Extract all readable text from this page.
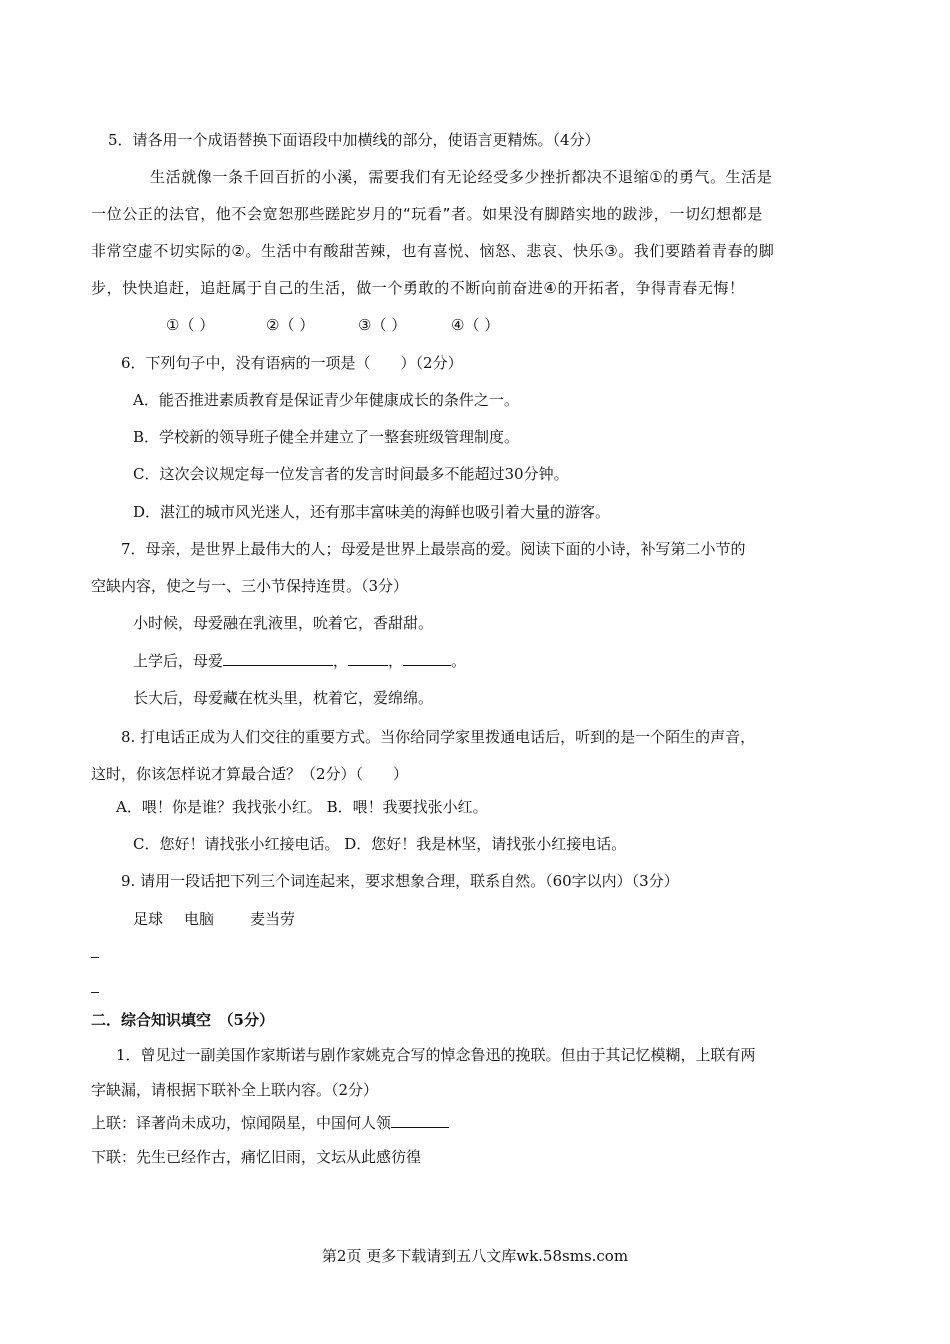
5．请各用一个成语替换下面语段中加横线的部分，使语言更精炼。（4分）
生活就像一条千回百折的小溪，需要我们有无论经受多少挫折都决不退缩①的勇气。生活是
一位公正的法官，他不会宽恕那些蹉跎岁月的“玩看”者。如果没有脚踏实地的跋涉，一切幻想都是
非常空虚不切实际的②。生活中有酸甜苦辣，也有喜悦、恼怒、悲哀、快乐③。我们要踏着青春的脚
步，快快追赶，追赶属于自己的生活，做一个勇敢的不断向前奋进④的开拓者，争得青春无悔！
①（ ）	②（ ）	③（ ）	④（ ）
6．下列句子中，没有语病的一项是（　　）（2分）
A．能否推进素质教育是保证青少年健康成长的条件之一。
B．学校新的领导班子健全并建立了一整套班级管理制度。
C．这次会议规定每一位发言者的发言时间最多不能超过30分钟。
D．湛江的城市风光迷人，还有那丰富味美的海鲜也吸引着大量的游客。
7．母亲，是世界上最伟大的人；母爱是世界上最崇高的爱。阅读下面的小诗，补写第二小节的
空缺内容，使之与一、三小节保持连贯。（3分）
小时候，母爱融在乳液里，吮着它，香甜甜。
上学后，母爱	，	，	。
长大后，母爱藏在枕头里，枕着它，爱绵绵。
8. 打电话正成为人们交往的重要方式。当你给同学家里拨通电话后，听到的是一个陌生的声音，
这时，你该怎样说才算最合适？（2分）（　　）
A．喂！你是谁？我找张小红。 B．喂！我要找张小红。
C．您好！请找张小红接电话。 D．您好！我是林坚，请找张小红接电话。
9. 请用一段话把下列三个词连起来，要求想象合理，联系自然。（60字以内）（3分）
足球 电脑 麦当劳
二．综合知识填空　（5分）
1．曾见过一副美国作家斯诺与剧作家姚克合写的悼念鲁迅的挽联。但由于其记忆模糊，上联有两
字缺漏，请根据下联补全上联内容。（2分）
上联：译著尚未成功，惊闻陨星，中国何人领
下联：先生已经作古，痛忆旧雨，文坛从此感彷徨
第2页 更多下载请到五八文库wk.58sms.com
